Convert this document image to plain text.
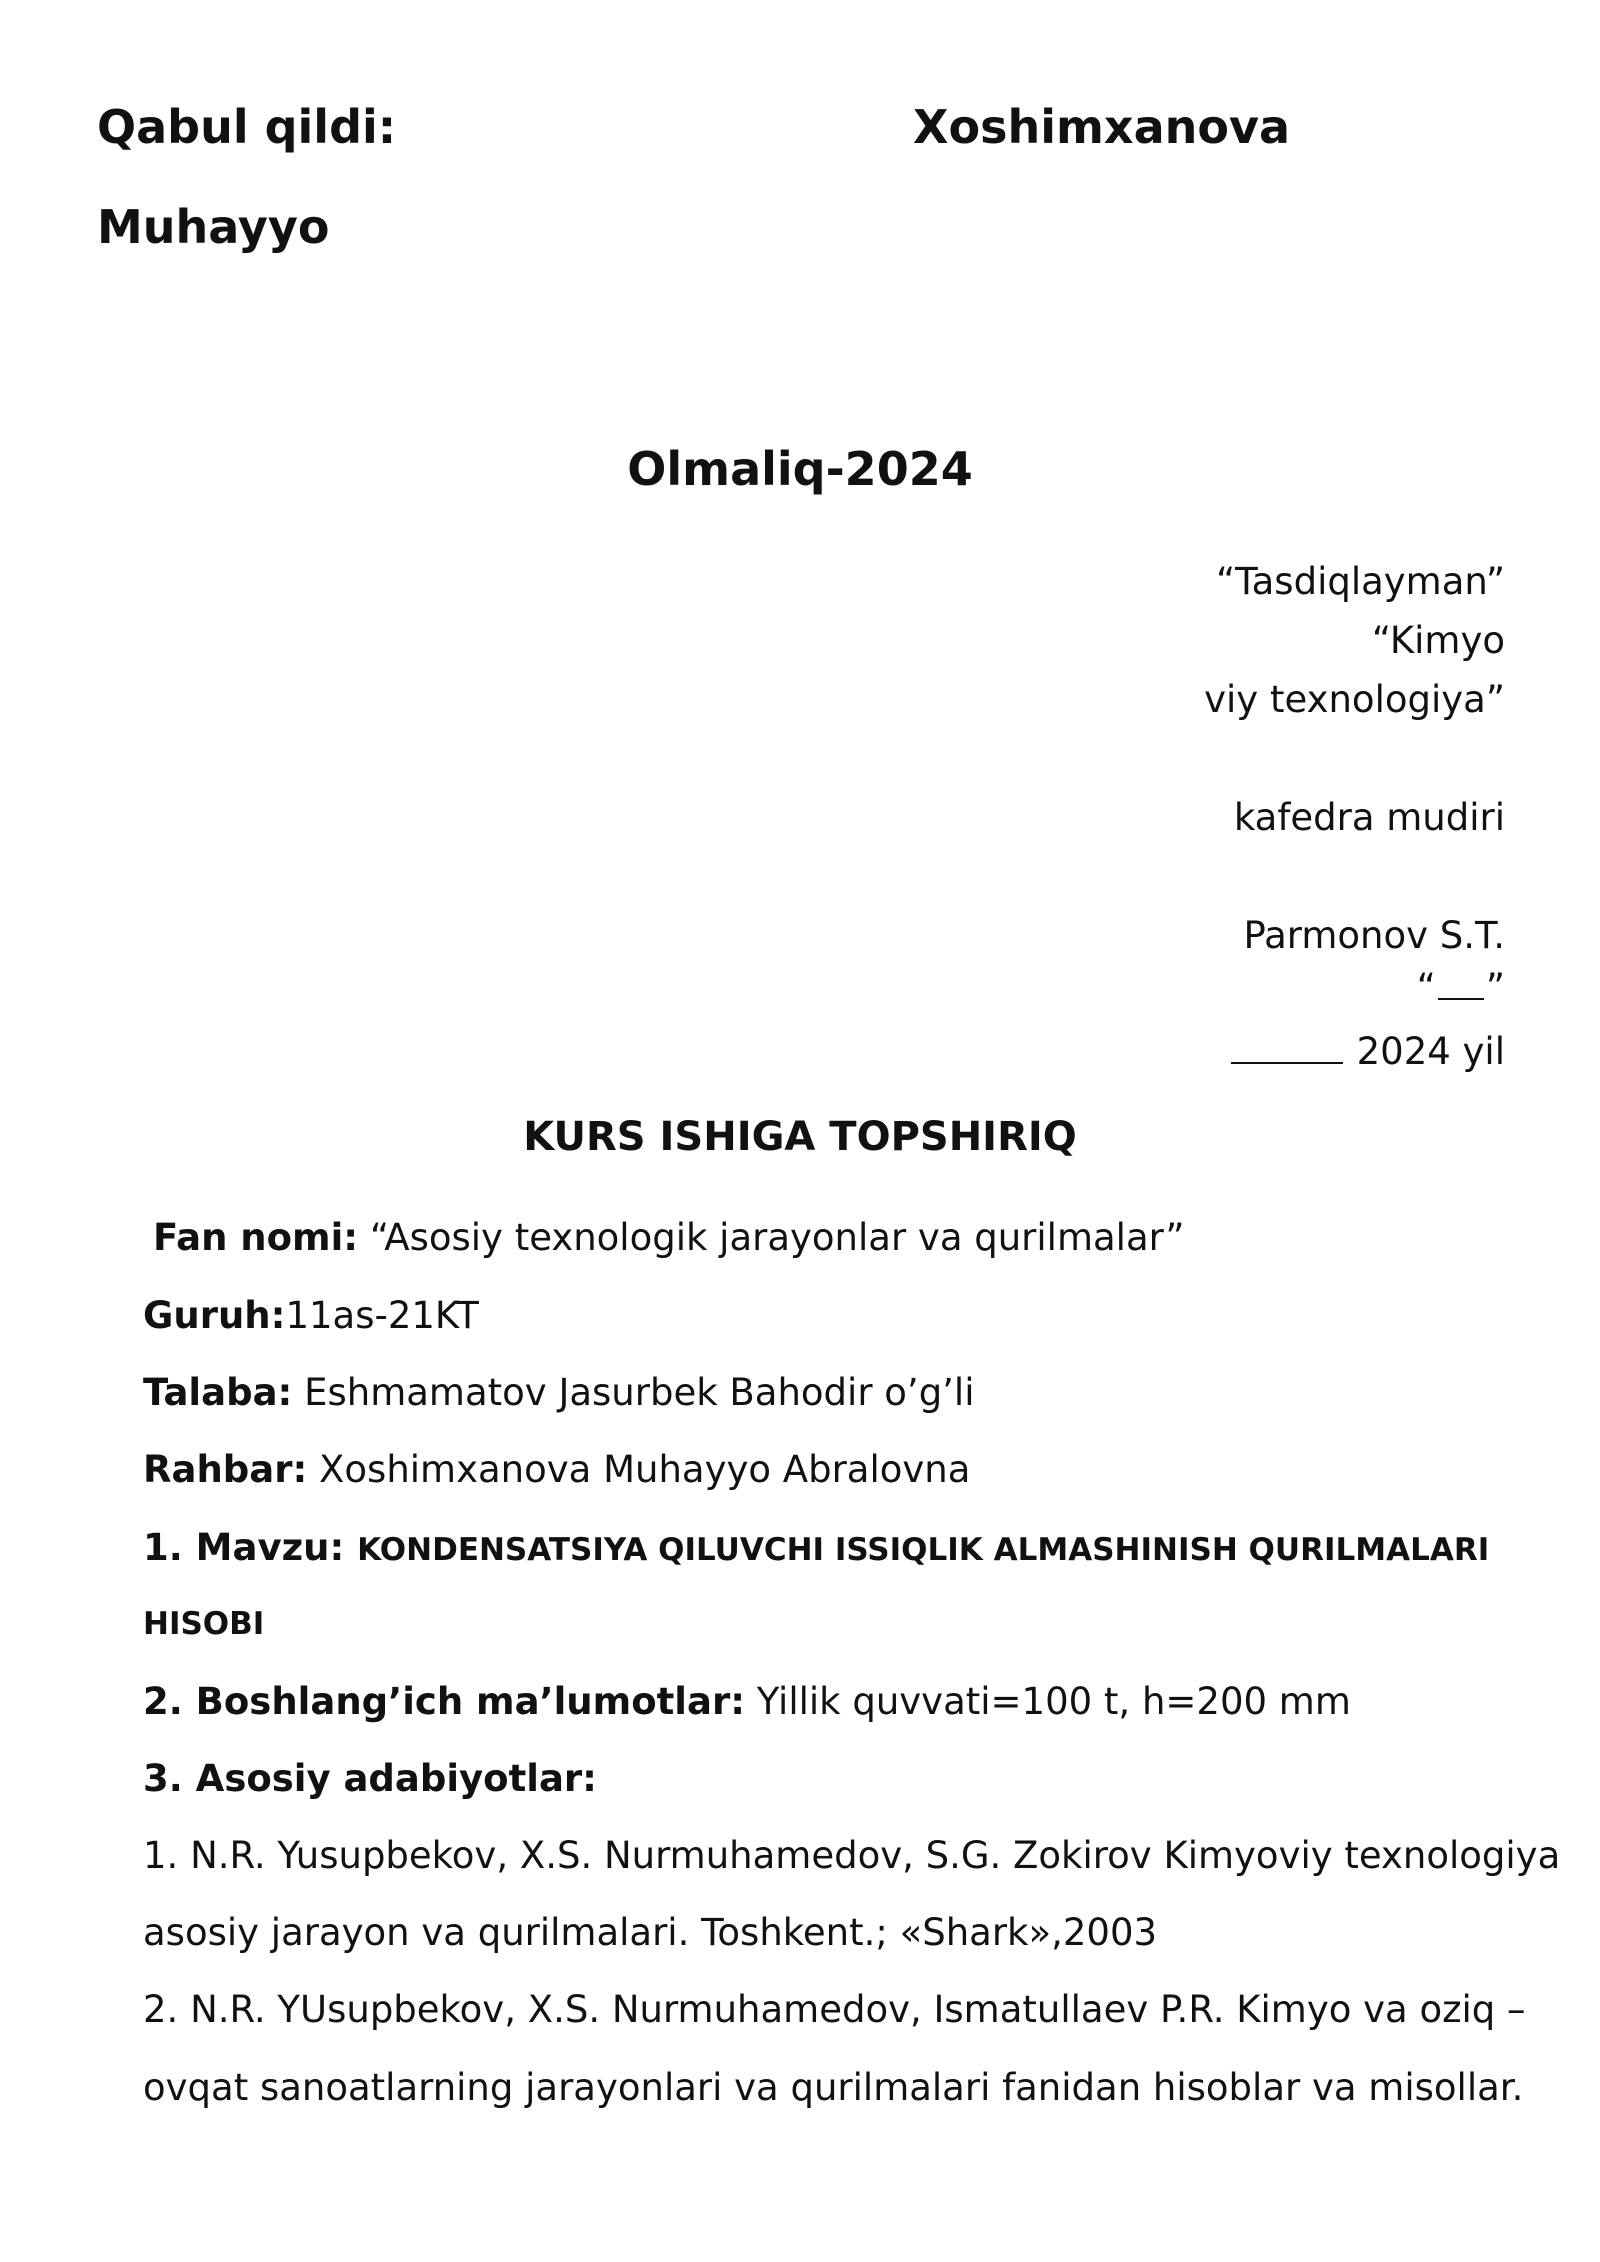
Qabul qildi:	Xoshimxanova
Muhayyo
Olmaliq-2024
“Tasdiqlayman”
“Kimyo
viy texnologiya”
kafedra mudiri
Parmonov S.T.
“ ”
2024 yil
KURS ISHIGA TOPSHIRIQ
Fan nomi: “Asosiy texnologik jarayonlar va qurilmalar”
Guruh:11as-21KT
Talaba: Eshmamatov Jasurbek Bahodir o’g’li
Rahbar: Xoshimxanova Muhayyo Abralovna
1. Mavzu: KONDENSATSIYA QILUVCHI ISSIQLIK ALMASHINISH QURILMALARI
HISOBI
2. Boshlang’ich ma’lumotlar: Yillik quvvati=100 t, h=200 mm
3. Asosiy adabiyotlar:
1. N.R. Yusupbekov, X.S. Nurmuhamedov, S.G. Zokirov Kimyoviy texnologiya
asosiy jarayon va qurilmalari. Toshkent.; «Shark»,2003
2. N.R. YUsupbekov, X.S. Nurmuhamedov, Ismatullaev P.R. Kimyo va oziq –
ovqat sanoatlarning jarayonlari va qurilmalari fanidan hisoblar va misollar.
